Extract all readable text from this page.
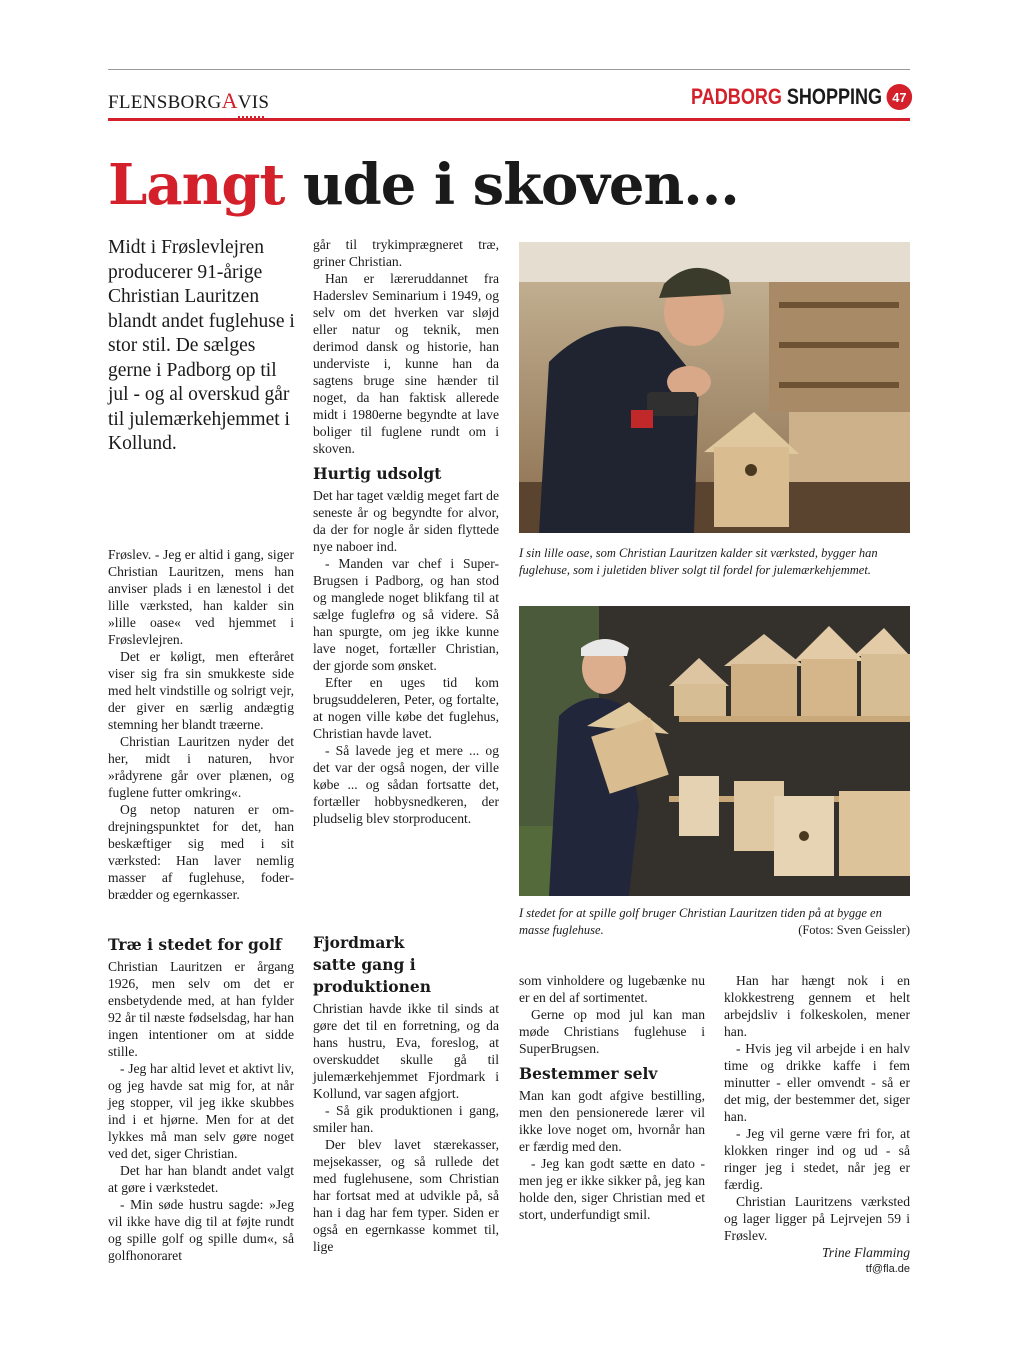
FLENSBORGAVIS	PADBORG SHOPPING 47
Langt ude i skoven...
Midt i Frøslevlejren producerer 91-årige Christian Lauritzen blandt andet fuglehuse i stor stil. De sælges gerne i Padborg op til jul - og al overskud går til julemærkehjemmet i Kollund.

Frøslev. - Jeg er altid i gang, siger Christian Lauritzen, mens han anviser plads i en lænestol i det lille værksted, han kalder sin »lille oase« ved hjemmet i Frøslevlejren.

Det er køligt, men efteråret viser sig fra sin smukkeste side med helt vindstille og solrigt vejr, der giver en særlig andægtig stemning her blandt træerne.

Christian Lauritzen nyder det her, midt i naturen, hvor »rådyrene går over plænen, og fuglene futter omkring«.

Og netop naturen er omdrejningspunktet for det, han beskæftiger sig med i sit værksted: Han laver nemlig masser af fuglehuse, foderbrædder og egernkasser.

Træ i stedet for golf

Christian Lauritzen er årgang 1926, men selv om det er ensbetydende med, at han fylder 92 år til næste fødselsdag, har han ingen intentioner om at sidde stille.

- Jeg har altid levet et aktivt liv, og jeg havde sat mig for, at når jeg stopper, vil jeg ikke skubbes ind i et hjørne. Men for at det lykkes må man selv gøre noget ved det, siger Christian.

Det har han blandt andet valgt at gøre i værkstedet.

- Min søde hustru sagde: »Jeg vil ikke have dig til at føjte rundt og spille golf og spille dum«, så golfhonoraret

går til trykimprægneret træ, griner Christian.

Han er læreruddannet fra Haderslev Seminarium i 1949, og selv om det hverken var sløjd eller natur og teknik, men derimod dansk og historie, han underviste i, kunne han da sagtens bruge sine hænder til noget, da han faktisk allerede midt i 1980erne begyndte at lave boliger til fuglene rundt om i skoven.

Hurtig udsolgt

Det har taget vældig meget fart de seneste år og begyndte for alvor, da der for nogle år siden flyttede nye naboer ind.

- Manden var chef i Super-Brugsen i Padborg, og han stod og manglede noget blikfang til at sælge fuglefrø og så videre. Så han spurgte, om jeg ikke kunne lave noget, fortæller Christian, der gjorde som ønsket.

Efter en uges tid kom brugsuddeleren, Peter, og fortalte, at nogen ville købe det fuglehus, Christian havde lavet.

- Så lavede jeg et mere ... og det var der også nogen, der ville købe ... og sådan fortsatte det, fortæller hobbysnedkeren, der pludselig blev storproducent.

Fjordmark satte gang i produktionen

Christian havde ikke til sinds at gøre det til en forretning, og da hans hustru, Eva, foreslog, at overskuddet skulle gå til julemærkehjemmet Fjordmark i Kollund, var sagen afgjort.

- Så gik produktionen i gang, smiler han.

Der blev lavet stærekasser, mejsekasser, og så rullede det med fuglehusene, som Christian har fortsat med at udvikle på, så han i dag har fem typer. Siden er også en egernkasse kommet til, lige

I sin lille oase, som Christian Lauritzen kalder sit værksted, bygger han fuglehuse, som i juletiden bliver solgt til fordel for julemærkehjemmet.
I stedet for at spille golf bruger Christian Lauritzen tiden på at bygge en masse fuglehuse.	(Fotos: Sven Geissler)

som vinholdere og lugebænke nu er en del af sortimentet.

Gerne op mod jul kan man møde Christians fuglehuse i SuperBrugsen.

Bestemmer selv

Man kan godt afgive bestilling, men den pensionerede lærer vil ikke love noget om, hvornår han er færdig med den.

- Jeg kan godt sætte en dato - men jeg er ikke sikker på, jeg kan holde den, siger Christian med et stort, underfundigt smil.

Han har hængt nok i en klokkestreng gennem et helt arbejdsliv i folkeskolen, mener han.

- Hvis jeg vil arbejde i en halv time og drikke kaffe i fem minutter - eller omvendt - så er det mig, der bestemmer det, siger han.

- Jeg vil gerne være fri for, at klokken ringer ind og ud - så ringer jeg i stedet, når jeg er færdig.

Christian Lauritzens værksted og lager ligger på Lejrvejen 59 i Frøslev.

Trine Flamming

tf@fla.de
